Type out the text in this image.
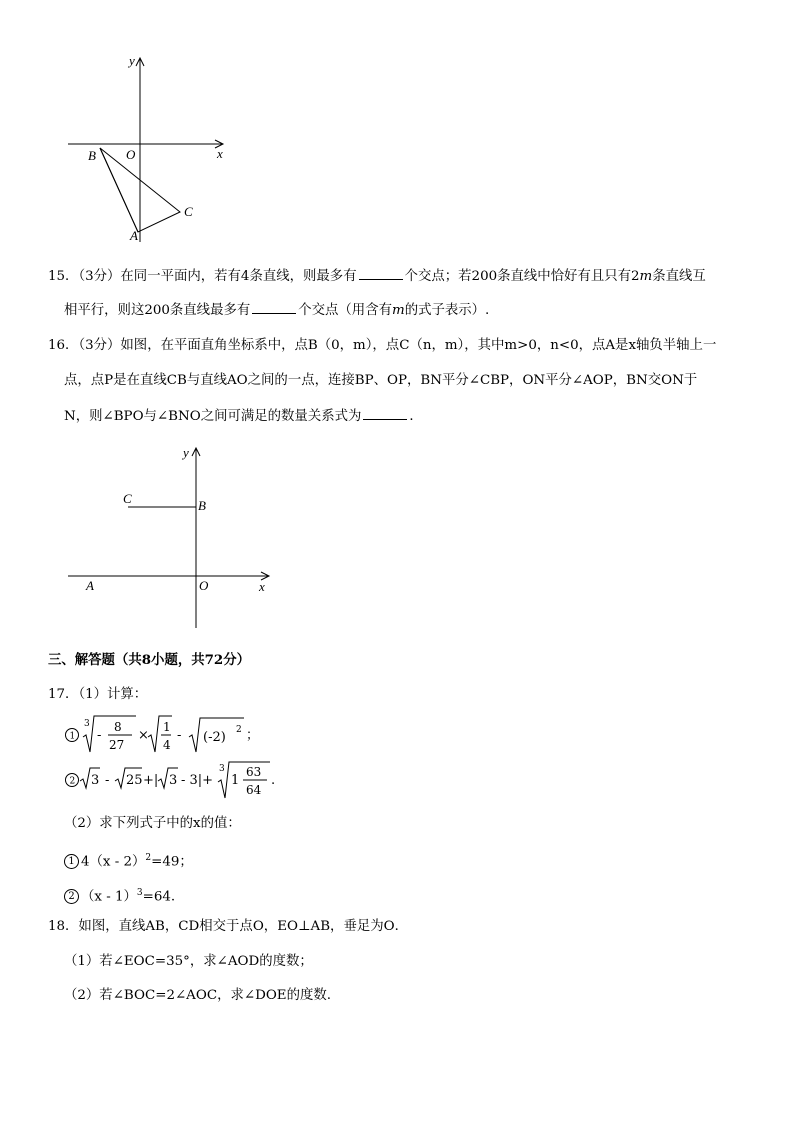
y
x
O
B
C
A
15．（3分）在同一平面内，若有4条直线，则最多有	个交点；若200条直线中恰好有且只有2m条直线互
相平行，则这200条直线最多有	个交点（用含有m的式子表示）.
16．（3分）如图，在平面直角坐标系中，点B（0，m），点C（n，m），其中m>0，n<0，点A是x轴负半轴上一
点，点P是在直线CB与直线AO之间的一点，连接BP、OP，BN平分∠CBP，ON平分∠AOP，BN交ON于
N，则∠BPO与∠BNO之间可满足的数量关系式为	．
y
x
O
B
C
A
三、解答题（共8小题，共72分）
17．（1）计算：
1
3
-
8
27
×
1
4
- (-2) 2 ；
2 3 - 25 +| 3 - 3|+
3
1
63
64
.
（2）求下列式子中的x的值：
1 4（x - 2）$^2$=49；
2 （x - 1）$^3$=64.
18．如图，直线AB，CD相交于点O，EO⊥AB，垂足为O．
（1）若∠EOC=35°，求∠AOD的度数；
（2）若∠BOC=2∠AOC，求∠DOE的度数.
